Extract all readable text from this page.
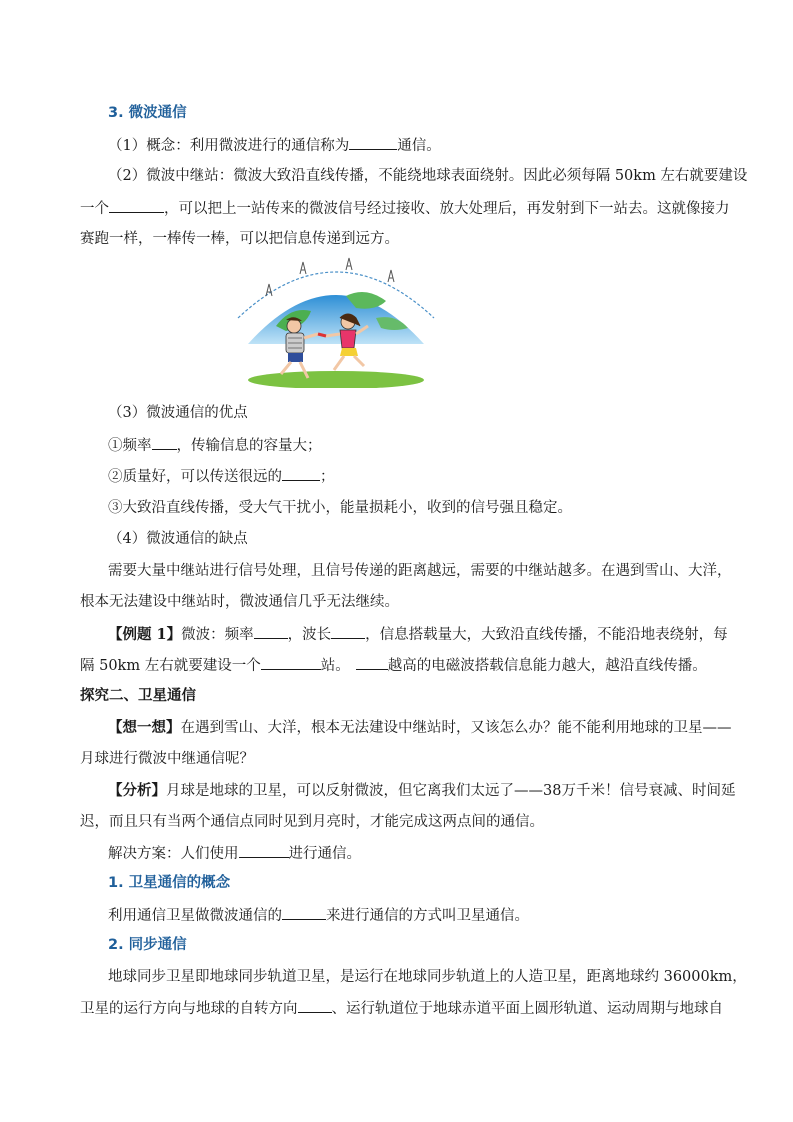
3. 微波通信
（1）概念：利用微波进行的通信称为	通信。
（2）微波中继站：微波大致沿直线传播，不能绕地球表面绕射。因此必须每隔 50km 左右就要建设
一个	，可以把上一站传来的微波信号经过接收、放大处理后，再发射到下一站去。这就像接力
赛跑一样，一棒传一棒，可以把信息传递到远方。
（3）微波通信的优点
①频率 ，传输信息的容量大；
②质量好，可以传送很远的	；
③大致沿直线传播，受大气干扰小，能量损耗小，收到的信号强且稳定。
（4）微波通信的缺点
需要大量中继站进行信号处理，且信号传递的距离越远，需要的中继站越多。在遇到雪山、大洋，
根本无法建设中继站时，微波通信几乎无法继续。
【例题 1】微波：频率 ，波长 ，信息搭载量大，大致沿直线传播，不能沿地表绕射，每
隔 50km 左右就要建设一个	站。	越高的电磁波搭载信息能力越大，越沿直线传播。
探究二、卫星通信
【想一想】在遇到雪山、大洋，根本无法建设中继站时，又该怎么办？能不能利用地球的卫星——
月球进行微波中继通信呢？
【分析】月球是地球的卫星，可以反射微波，但它离我们太远了——38万千米！信号衰减、时间延
迟，而且只有当两个通信点同时见到月亮时，才能完成这两点间的通信。
解决方案：人们使用	进行通信。
1. 卫星通信的概念
利用通信卫星做微波通信的	来进行通信的方式叫卫星通信。
2. 同步通信
地球同步卫星即地球同步轨道卫星，是运行在地球同步轨道上的人造卫星，距离地球约 36000km，
卫星的运行方向与地球的自转方向 、运行轨道位于地球赤道平面上圆形轨道、运动周期与地球自
